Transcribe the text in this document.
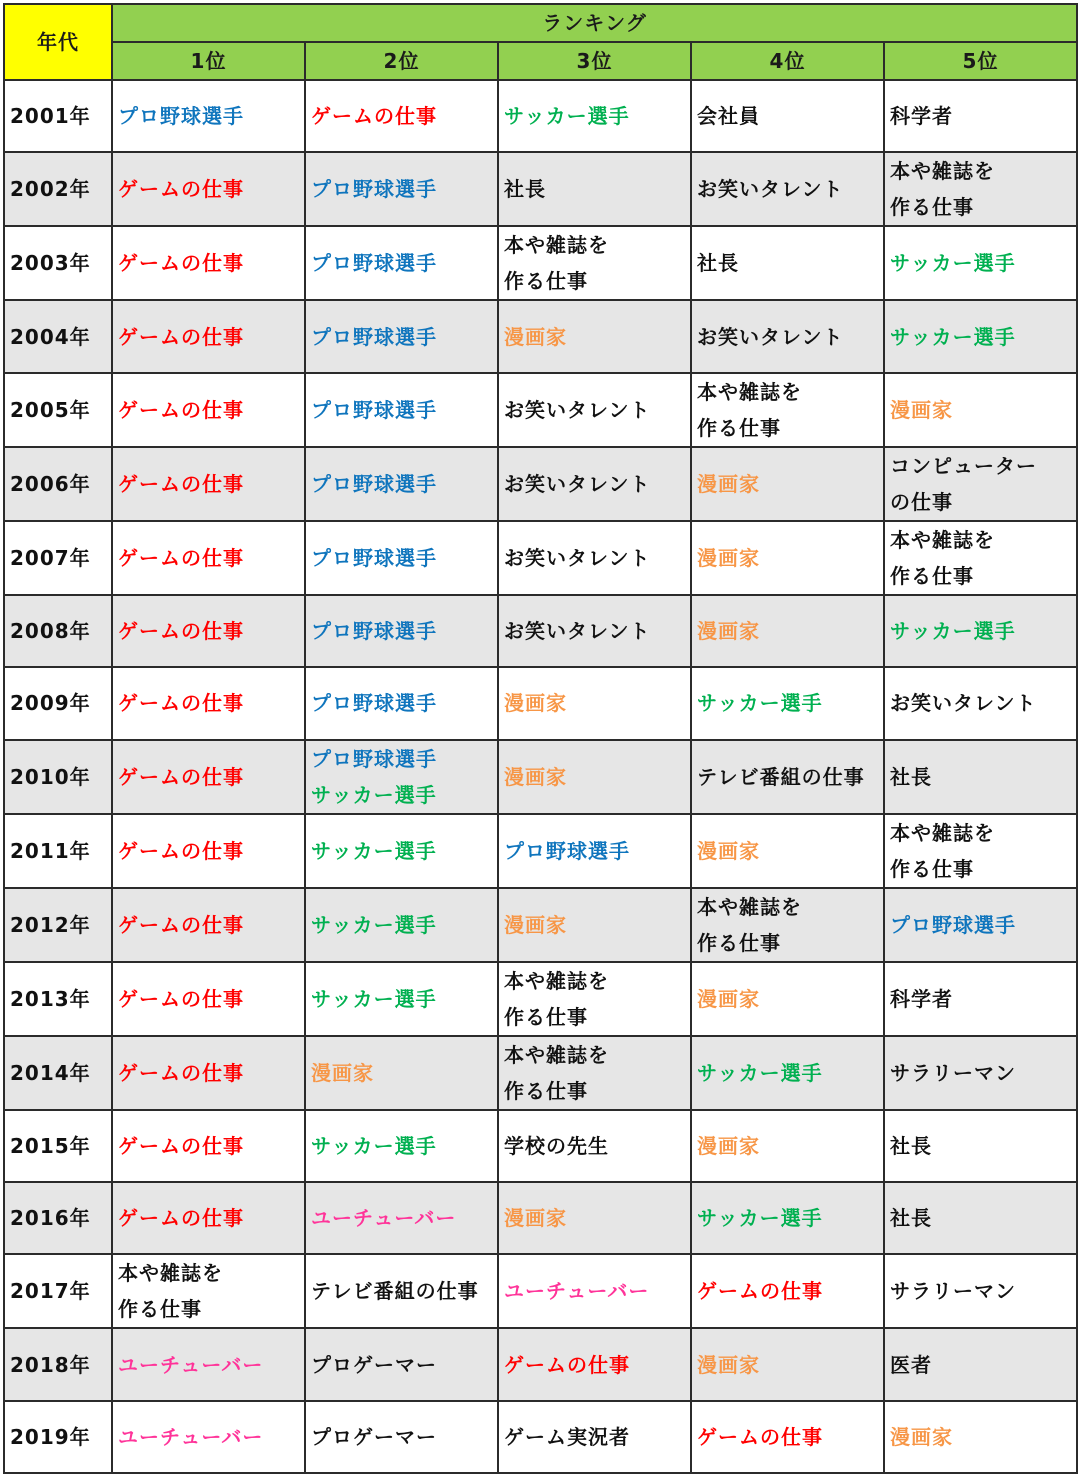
年代	ランキング				
	1位	2位	3位	4位	5位
2001年	プロ野球選手	ゲームの仕事	サッカー選手	会社員	科学者

2002年	ゲームの仕事	プロ野球選手	社長	お笑いタレント	本や雑誌を
作る仕事

2003年	ゲームの仕事	プロ野球選手	本や雑誌を
作る仕事	社長	サッカー選手

2004年	ゲームの仕事	プロ野球選手	漫画家	お笑いタレント	サッカー選手

2005年	ゲームの仕事	プロ野球選手	お笑いタレント	本や雑誌を
作る仕事	漫画家

2006年	ゲームの仕事	プロ野球選手	お笑いタレント	漫画家	コンピューター
の仕事

2007年	ゲームの仕事	プロ野球選手	お笑いタレント	漫画家	本や雑誌を
作る仕事

2008年	ゲームの仕事	プロ野球選手	お笑いタレント	漫画家	サッカー選手

2009年	ゲームの仕事	プロ野球選手	漫画家	サッカー選手	お笑いタレント

2010年	ゲームの仕事	プロ野球選手
サッカー選手	漫画家	テレビ番組の仕事	社長

2011年	ゲームの仕事	サッカー選手	プロ野球選手	漫画家	本や雑誌を
作る仕事

2012年	ゲームの仕事	サッカー選手	漫画家	本や雑誌を
作る仕事	プロ野球選手

2013年	ゲームの仕事	サッカー選手	本や雑誌を
作る仕事	漫画家	科学者

2014年	ゲームの仕事	漫画家	本や雑誌を
作る仕事	サッカー選手	サラリーマン

2015年	ゲームの仕事	サッカー選手	学校の先生	漫画家	社長

2016年	ゲームの仕事	ユーチューバー	漫画家	サッカー選手	社長

2017年	本や雑誌を
作る仕事	テレビ番組の仕事	ユーチューバー	ゲームの仕事	サラリーマン

2018年	ユーチューバー	プロゲーマー	ゲームの仕事	漫画家	医者

2019年	ユーチューバー	プロゲーマー	ゲーム実況者	ゲームの仕事	漫画家
